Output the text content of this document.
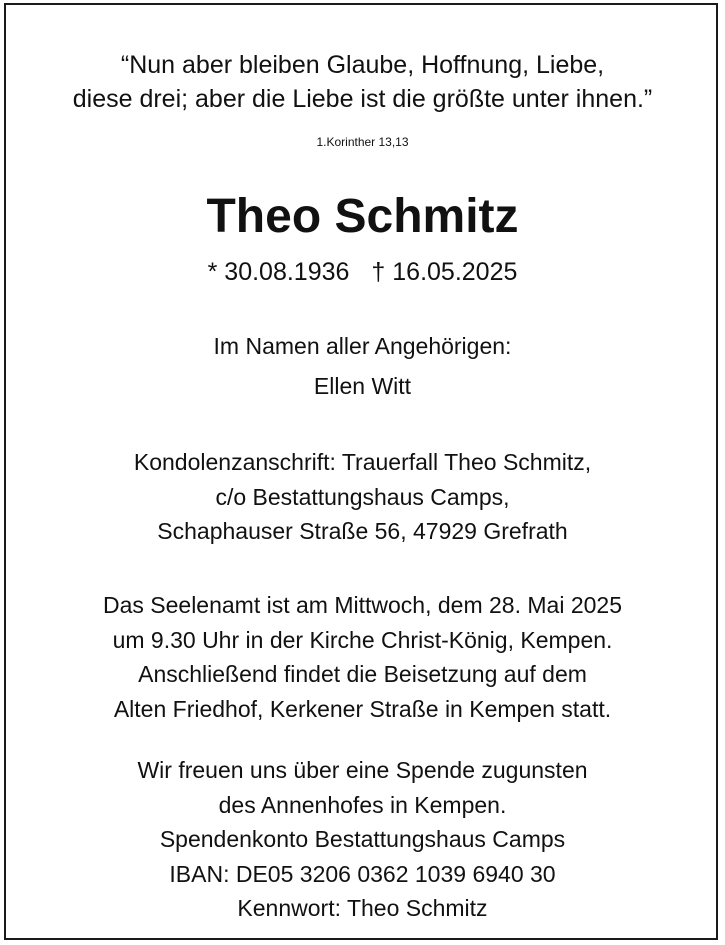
“Nun aber bleiben Glaube, Hoffnung, Liebe,
diese drei; aber die Liebe ist die größte unter ihnen.”
1.Korinther 13,13
Theo Schmitz
* 30.08.1936 † 16.05.2025
Im Namen aller Angehörigen:
Ellen Witt
Kondolenzanschrift: Trauerfall Theo Schmitz,
c/o Bestattungshaus Camps,
Schaphauser Straße 56, 47929 Grefrath
Das Seelenamt ist am Mittwoch, dem 28. Mai 2025
um 9.30 Uhr in der Kirche Christ-König, Kempen.
Anschließend findet die Beisetzung auf dem
Alten Friedhof, Kerkener Straße in Kempen statt.
Wir freuen uns über eine Spende zugunsten
des Annenhofes in Kempen.
Spendenkonto Bestattungshaus Camps
IBAN: DE05 3206 0362 1039 6940 30
Kennwort: Theo Schmitz
